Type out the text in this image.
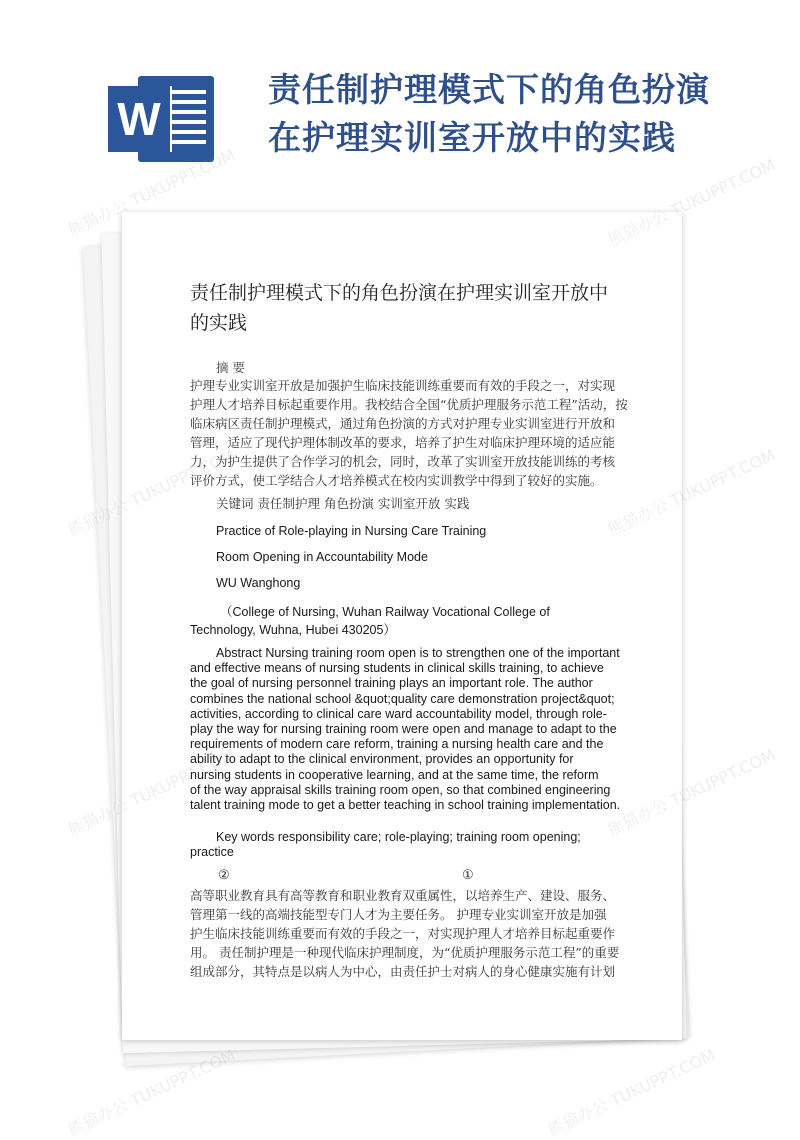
W
责任制护理模式下的角色扮演
在护理实训室开放中的实践
责任制护理模式下的角色扮演在护理实训室开放中
的实践

摘 要

护理专业实训室开放是加强护生临床技能训练重要而有效的手段之一，对实现
护理人才培养目标起重要作用。我校结合全国“优质护理服务示范工程”活动，按
临床病区责任制护理模式，通过角色扮演的方式对护理专业实训室进行开放和
管理，适应了现代护理体制改革的要求，培养了护生对临床护理环境的适应能
力，为护生提供了合作学习的机会，同时，改革了实训室开放技能训练的考核
评价方式，使工学结合人才培养模式在校内实训教学中得到了较好的实施。

关键词 责任制护理 角色扮演 实训室开放 实践

Practice of Role-playing in Nursing Care Training

Room Opening in Accountability Mode

WU Wanghong

（College of Nursing, Wuhan Railway Vocational College of
Technology, Wuhna, Hubei 430205）
Abstract Nursing training room open is to strengthen one of the important
and effective means of nursing students in clinical skills training, to achieve
the goal of nursing personnel training plays an important role. The author
combines the national school &quot;quality care demonstration project&quot;
activities, according to clinical care ward accountability model, through role-
play the way for nursing training room were open and manage to adapt to the
requirements of modern care reform, training a nursing health care and the
ability to adapt to the clinical environment, provides an opportunity for
nursing students in cooperative learning, and at the same time, the reform
of the way appraisal skills training room open, so that combined engineering
talent training mode to get a better teaching in school training implementation.
Key words responsibility care; role-playing; training room opening;
practice
②	①
高等职业教育具有高等教育和职业教育双重属性，以培养生产、建设、服务、
管理第一线的高端技能型专门人才为主要任务。 护理专业实训室开放是加强
护生临床技能训练重要而有效的手段之一，对实现护理人才培养目标起重要作
用。 责任制护理是一种现代临床护理制度，为“优质护理服务示范工程”的重要
组成部分，其特点是以病人为中心，由责任护士对病人的身心健康实施有计划
熊猫办公 TUKUPPT.COM	熊猫办公 TUKUPPT.COM
熊猫办公 TUKUPPT.COM
熊猫办公	熊猫办公 TUKUPPT.COM
熊猫办公 TUKUPPT.COM	熊猫办公 TUKUPPT.COM
